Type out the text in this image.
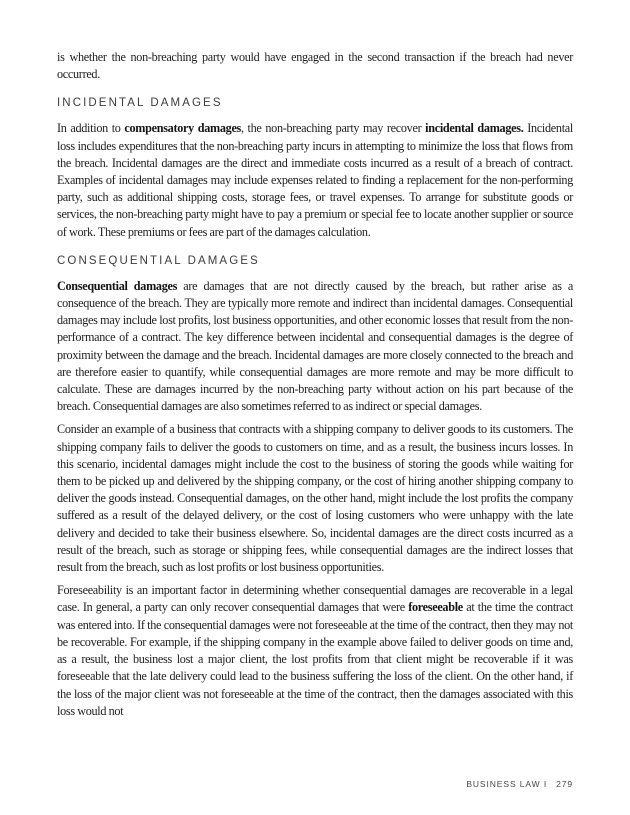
is whether the non-breaching party would have engaged in the second transaction if the breach had never occurred.

INCIDENTAL DAMAGES

In addition to compensatory damages, the non-breaching party may recover incidental damages. Incidental loss includes expenditures that the non-breaching party incurs in attempting to minimize the loss that flows from the breach. Incidental damages are the direct and immediate costs incurred as a result of a breach of contract. Examples of incidental damages may include expenses related to finding a replacement for the non-performing party, such as additional shipping costs, storage fees, or travel expenses. To arrange for substitute goods or services, the non-breaching party might have to pay a premium or special fee to locate another supplier or source of work. These premiums or fees are part of the damages calculation.

CONSEQUENTIAL DAMAGES

Consequential damages are damages that are not directly caused by the breach, but rather arise as a consequence of the breach. They are typically more remote and indirect than incidental damages. Consequential damages may include lost profits, lost business opportunities, and other economic losses that result from the non-performance of a contract. The key difference between incidental and consequential damages is the degree of proximity between the damage and the breach. Incidental damages are more closely connected to the breach and are therefore easier to quantify, while consequential damages are more remote and may be more difficult to calculate. These are damages incurred by the non-breaching party without action on his part because of the breach. Consequential damages are also sometimes referred to as indirect or special damages.

Consider an example of a business that contracts with a shipping company to deliver goods to its customers. The shipping company fails to deliver the goods to customers on time, and as a result, the business incurs losses. In this scenario, incidental damages might include the cost to the business of storing the goods while waiting for them to be picked up and delivered by the shipping company, or the cost of hiring another shipping company to deliver the goods instead. Consequential damages, on the other hand, might include the lost profits the company suffered as a result of the delayed delivery, or the cost of losing customers who were unhappy with the late delivery and decided to take their business elsewhere. So, incidental damages are the direct costs incurred as a result of the breach, such as storage or shipping fees, while consequential damages are the indirect losses that result from the breach, such as lost profits or lost business opportunities.

Foreseeability is an important factor in determining whether consequential damages are recoverable in a legal case. In general, a party can only recover consequential damages that were foreseeable at the time the contract was entered into. If the consequential damages were not foreseeable at the time of the contract, then they may not be recoverable. For example, if the shipping company in the example above failed to deliver goods on time and, as a result, the business lost a major client, the lost profits from that client might be recoverable if it was foreseeable that the late delivery could lead to the business suffering the loss of the client. On the other hand, if the loss of the major client was not foreseeable at the time of the contract, then the damages associated with this loss would not

BUSINESS LAW I 279
